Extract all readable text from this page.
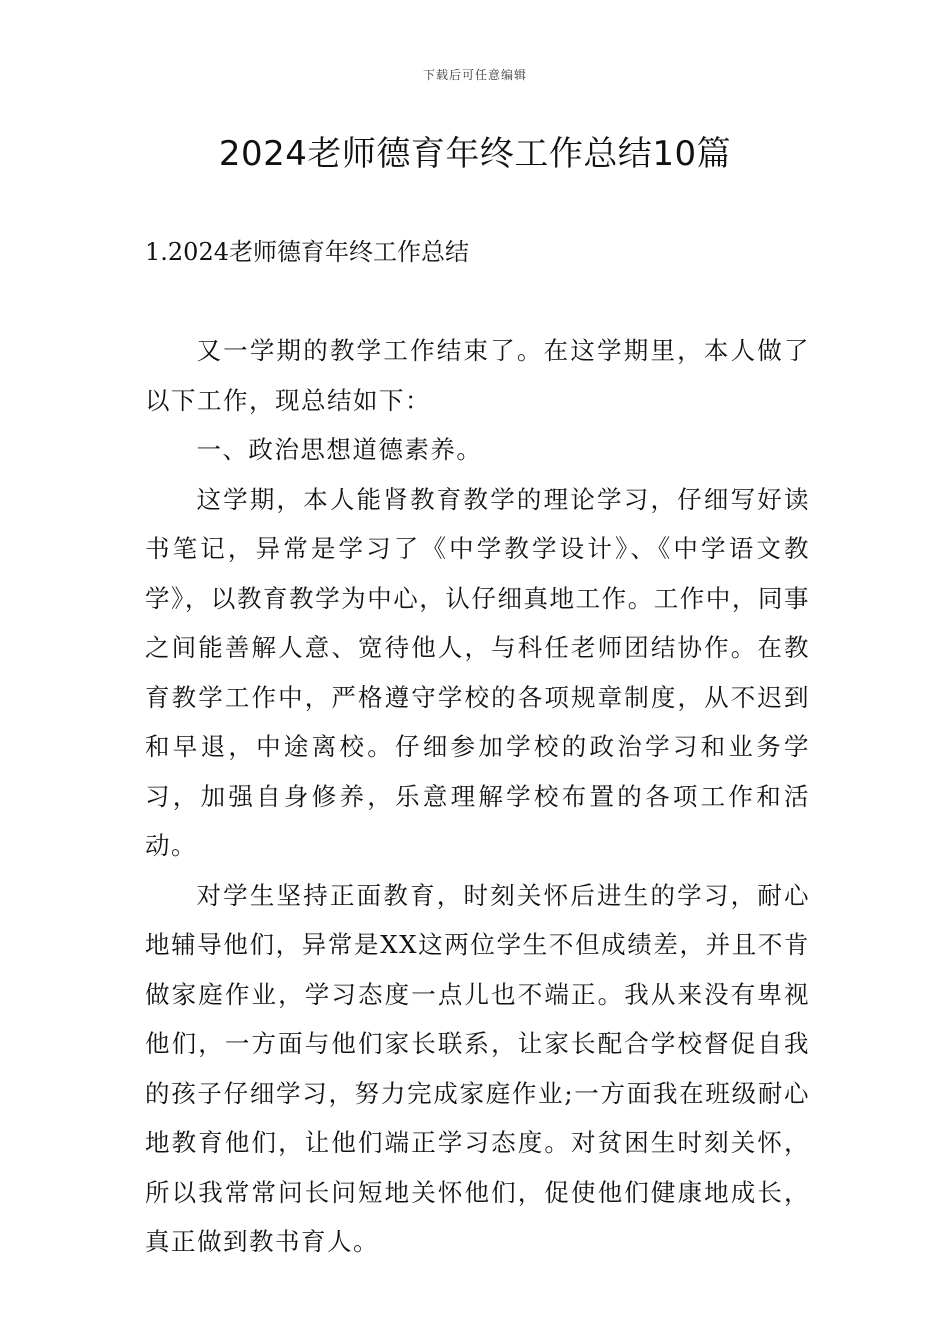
下载后可任意编辑
2024老师德育年终工作总结10篇
1.2024老师德育年终工作总结

又一学期的教学工作结束了。在这学期里，本人做了以下工作，现总结如下：

一、政治思想道德素养。

这学期，本人能肾教育教学的理论学习，仔细写好读书笔记，异常是学习了《中学教学设计》、《中学语文教学》，以教育教学为中心，认仔细真地工作。工作中，同事之间能善解人意、宽待他人，与科任老师团结协作。在教育教学工作中，严格遵守学校的各项规章制度，从不迟到和早退，中途离校。仔细参加学校的政治学习和业务学习，加强自身修养，乐意理解学校布置的各项工作和活动。

对学生坚持正面教育，时刻关怀后进生的学习，耐心地辅导他们，异常是XX这两位学生不但成绩差，并且不肯做家庭作业，学习态度一点儿也不端正。我从来没有卑视他们，一方面与他们家长联系，让家长配合学校督促自我的孩子仔细学习，努力完成家庭作业;一方面我在班级耐心地教育他们，让他们端正学习态度。对贫困生时刻关怀，所以我常常问长问短地关怀他们，促使他们健康地成长，真正做到教书育人。
